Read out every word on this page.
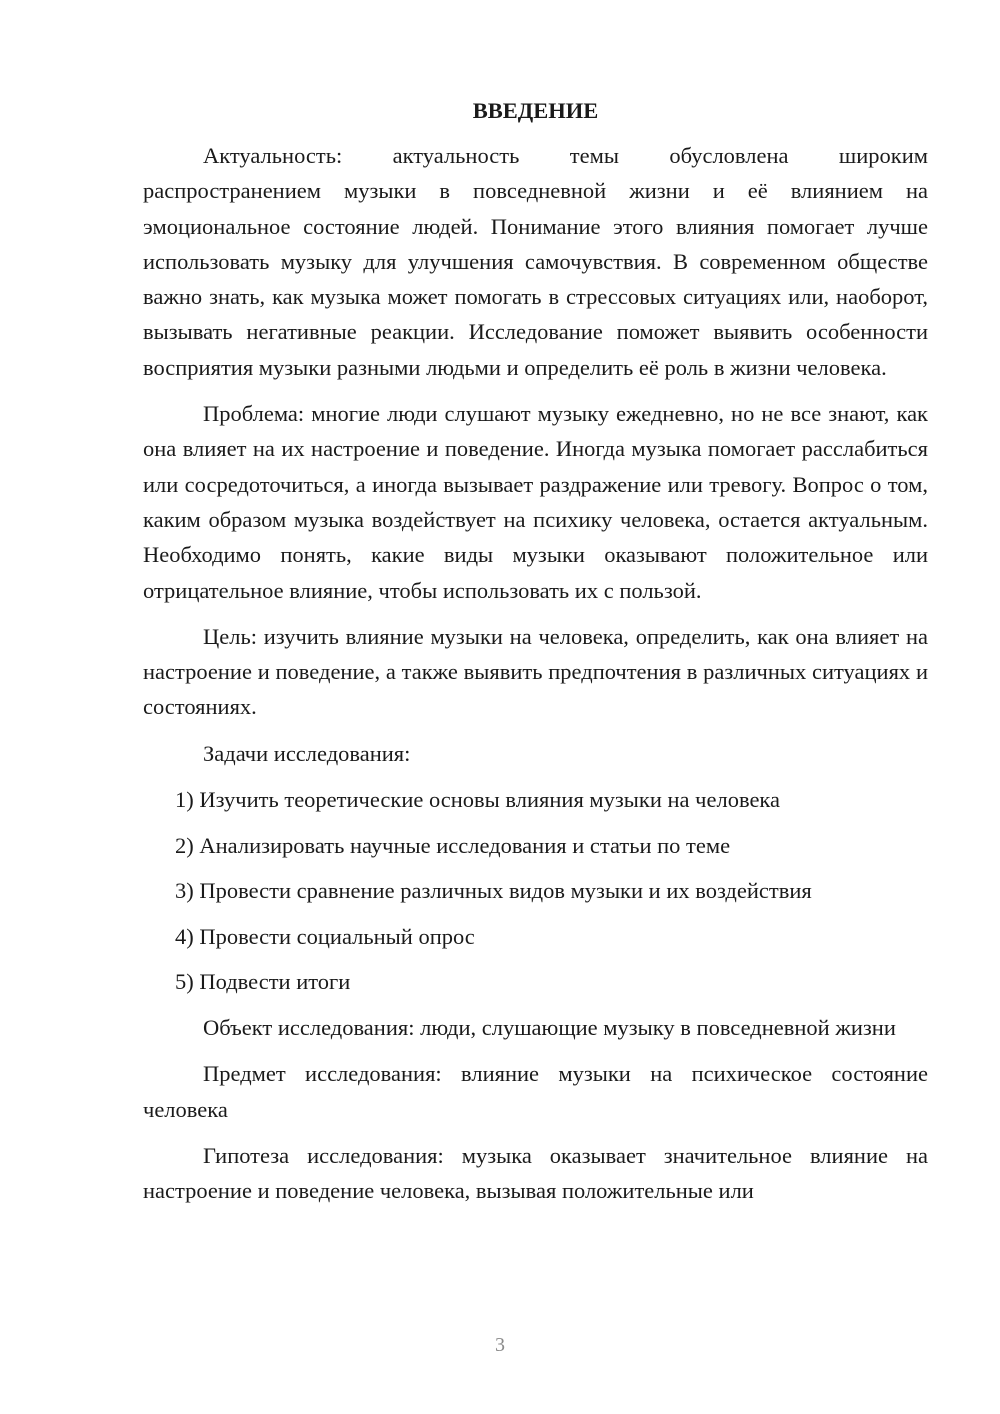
ВВЕДЕНИЕ

Актуальность: актуальность темы обусловлена широким распространением музыки в повседневной жизни и её влиянием на эмоциональное состояние людей. Понимание этого влияния помогает лучше использовать музыку для улучшения самочувствия. В современном обществе важно знать, как музыка может помогать в стрессовых ситуациях или, наоборот, вызывать негативные реакции. Исследование поможет выявить особенности восприятия музыки разными людьми и определить её роль в жизни человека.

Проблема: многие люди слушают музыку ежедневно, но не все знают, как она влияет на их настроение и поведение. Иногда музыка помогает расслабиться или сосредоточиться, а иногда вызывает раздражение или тревогу. Вопрос о том, каким образом музыка воздействует на психику человека, остается актуальным. Необходимо понять, какие виды музыки оказывают положительное или отрицательное влияние, чтобы использовать их с пользой.

Цель: изучить влияние музыки на человека, определить, как она влияет на настроение и поведение, а также выявить предпочтения в различных ситуациях и состояниях.

Задачи исследования:

1) Изучить теоретические основы влияния музыки на человека
2) Анализировать научные исследования и статьи по теме
3) Провести сравнение различных видов музыки и их воздействия
4) Провести социальный опрос
5) Подвести итоги

Объект исследования: люди, слушающие музыку в повседневной жизни

Предмет исследования: влияние музыки на психическое состояние человека

Гипотеза исследования: музыка оказывает значительное влияние на настроение и поведение человека, вызывая положительные или

3
